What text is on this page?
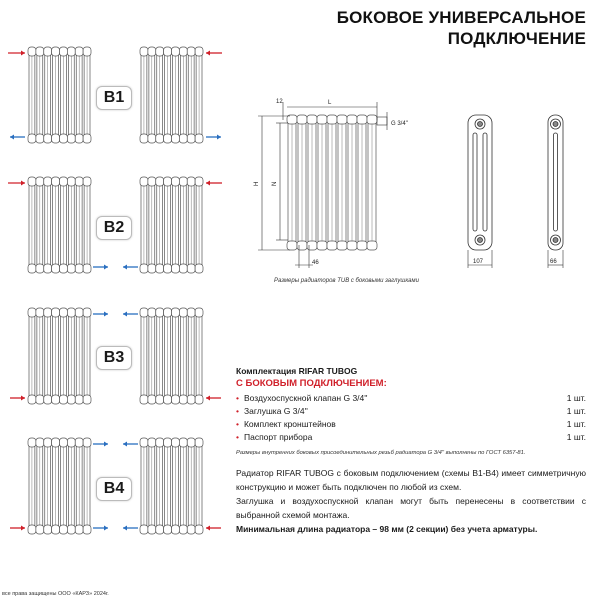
БОКОВОЕ УНИВЕРСАЛЬНОЕ
ПОДКЛЮЧЕНИЕ
B1
B2
B3
B4
12	L
H N
G 3/4''
46	107	66
Размеры радиаторов TUB с боковыми заглушками
Комплектация RIFAR TUBOG
С БОКОВЫМ ПОДКЛЮЧЕНИЕМ:
• Воздухоспускной клапан G 3/4''	1 шт.
• Заглушка G 3/4''	1 шт.
• Комплект кронштейнов	1 шт.
• Паспорт прибора	1 шт.
Размеры внутренних боковых присоединительных резьб радиатора G 3/4'' выполнены по ГОСТ 6357-81.
Радиатор RIFAR TUBOG с боковым подключением (схемы B1-B4) имеет симметричную конструкцию и может быть подключен по любой из схем.
Заглушка и воздухоспускной клапан могут быть перенесены в соответствии с выбранной схемой монтажа.
Минимальная длина радиатора – 98 мм (2 секции) без учета арматуры.
все права защищены ООО «КАРЗ» 2024г.
